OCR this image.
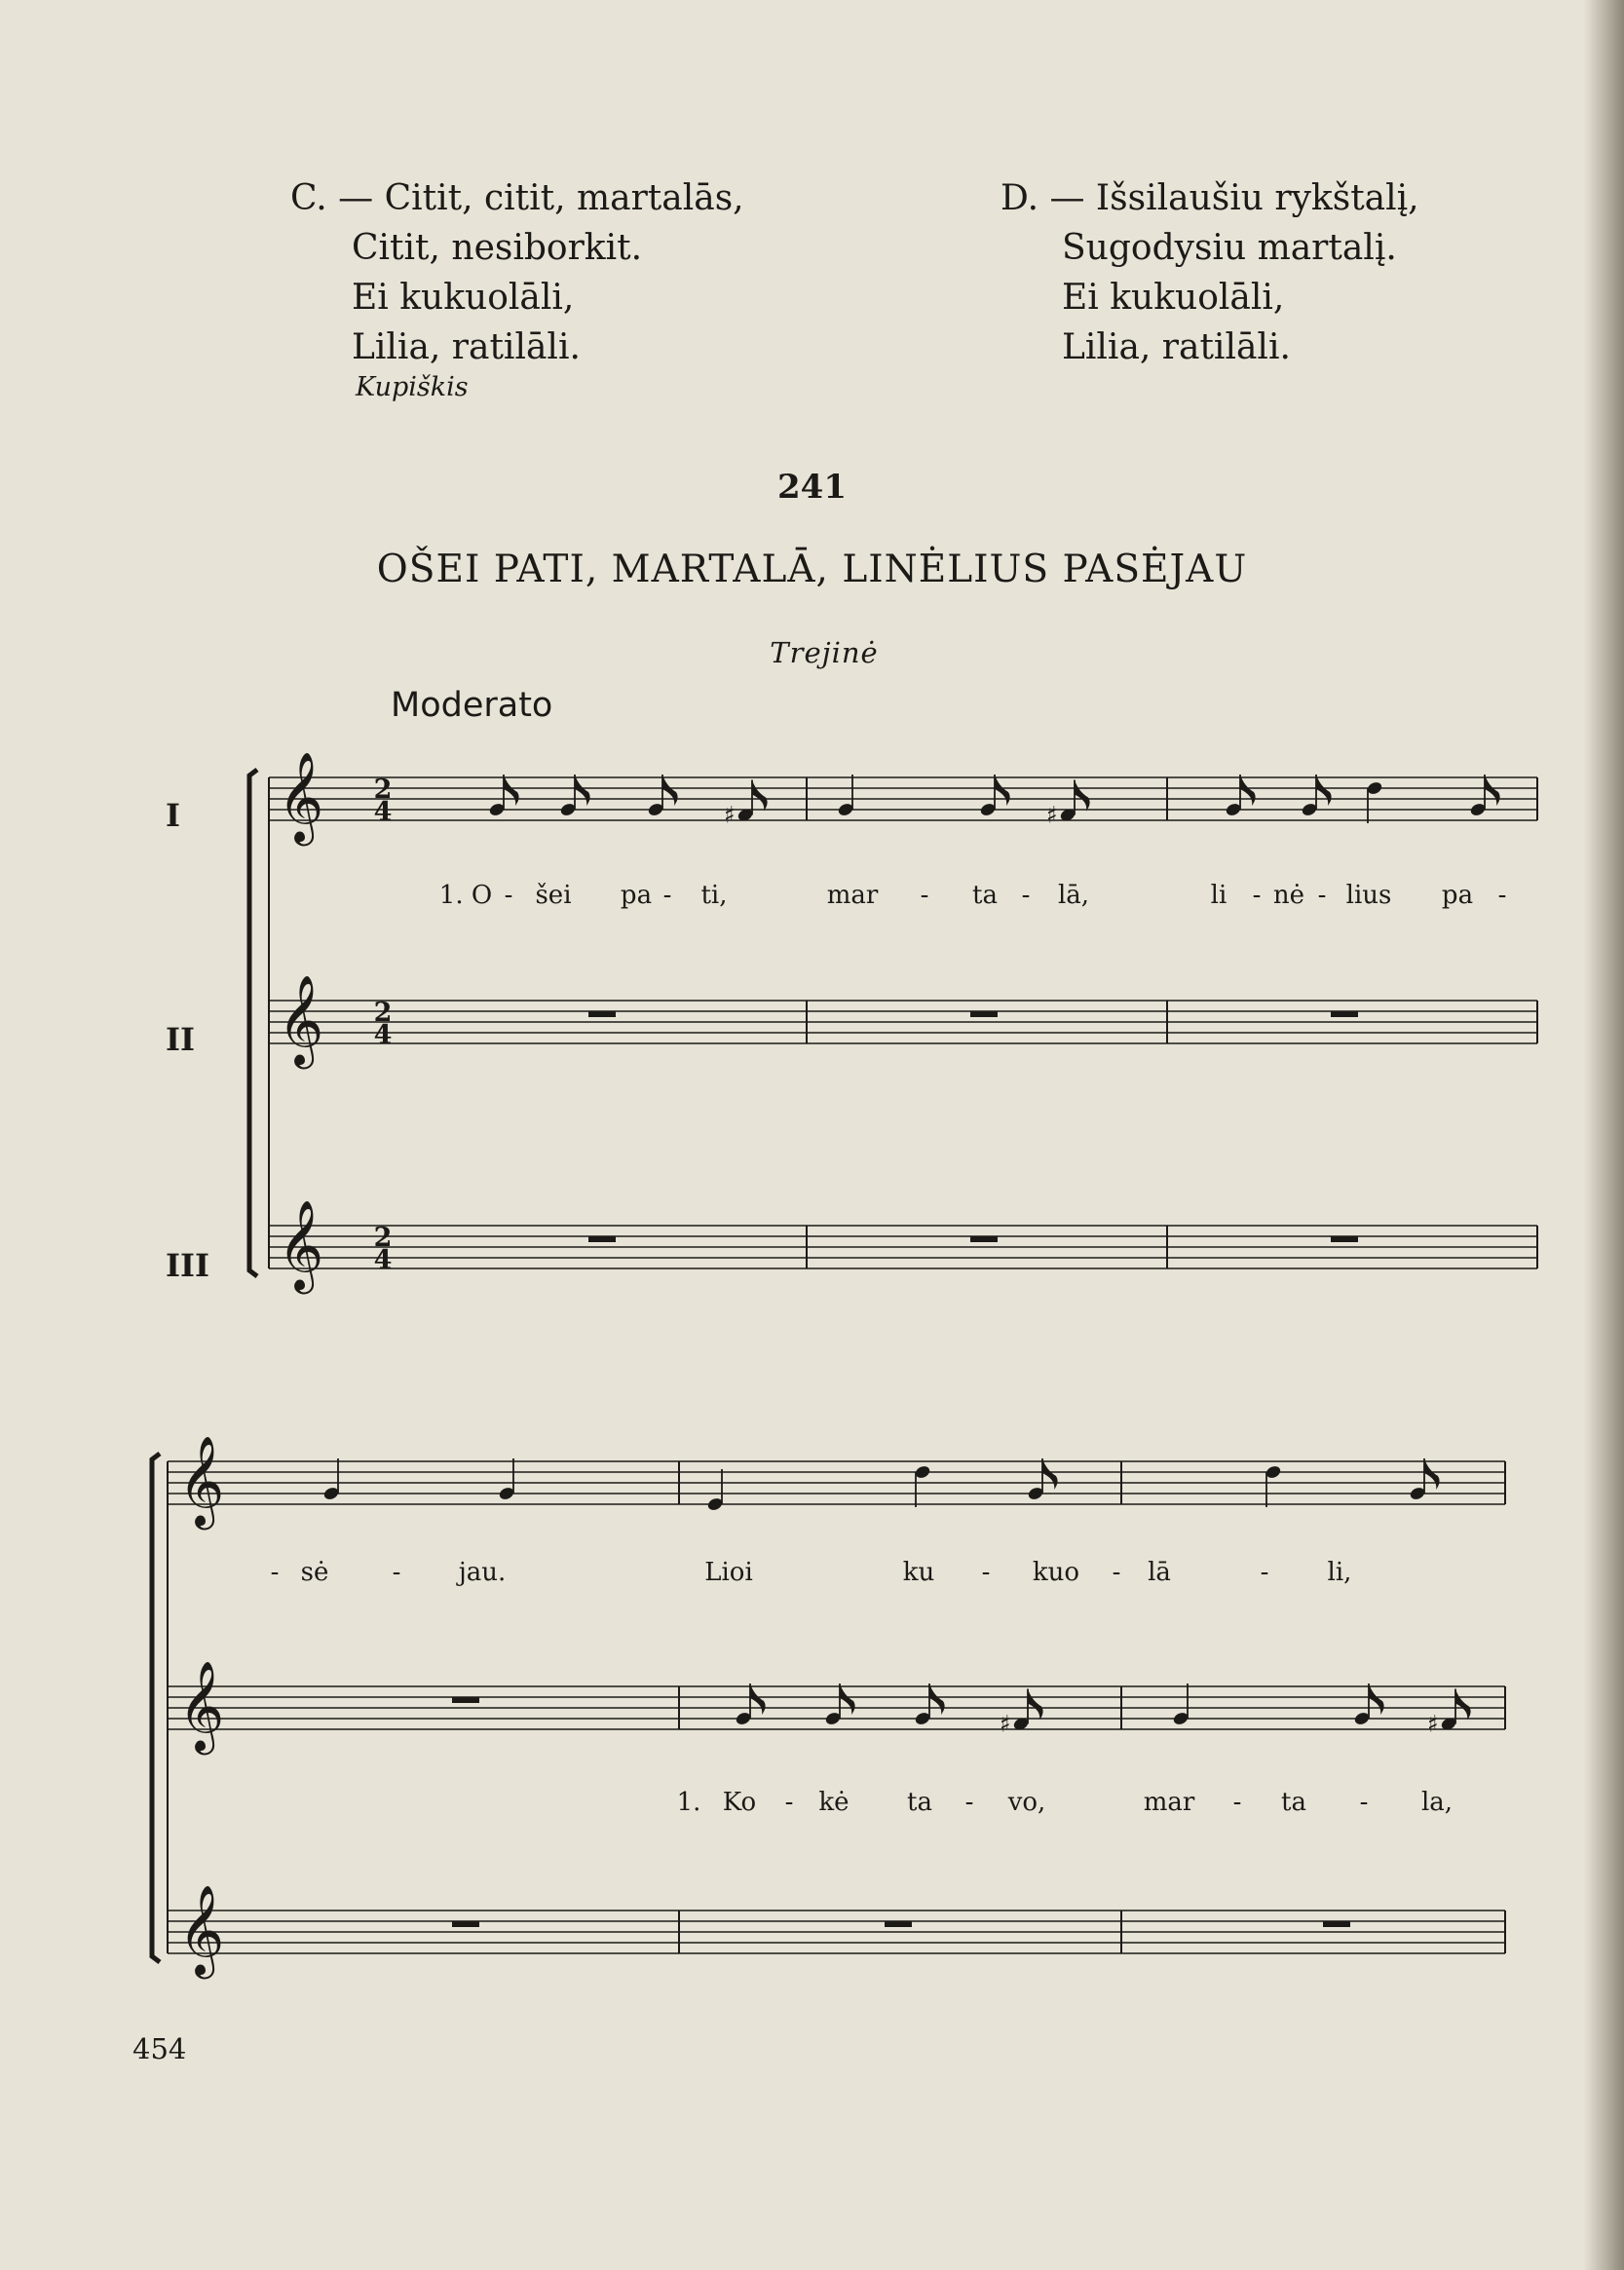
C. — Citit, citit, martalās,
Citit, nesiborkit.
Ei kukuolāli,
Lilia, ratilāli.
D. — Išsilaušiu rykštalį,
Sugodysiu martalį.
Ei kukuolāli,
Lilia, ratilāli.
Kupiškis
241
OŠEI PATI, MARTALĀ, LINĖLIUS PASĖJAU
Trejinė
Moderato
I
II
III
𝄞 2
4
𝄞 2
4
𝄞 2
4
♯	♯
1. O - šei pa - ti,	mar - ta - lā,	li - nė - lius pa -
𝄞
𝄞
𝄞
- sė	- jau.	Lioi	ku - kuo - lā	- li,
♯	♯
1. Ko - kė ta - vo,	mar - ta - la,
454
